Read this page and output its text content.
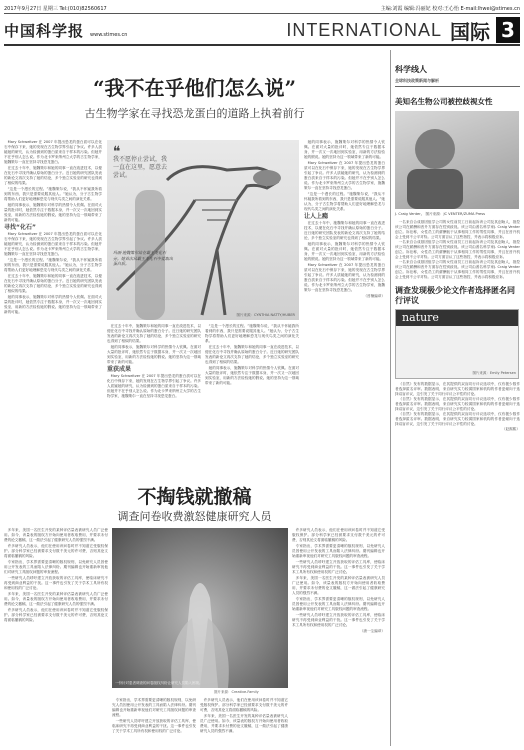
2017年9月27日 星期三 Tel:(010)82560617	主编:刘霞 编辑:冯丽妃 校对:王心怡 E-mail:lhwei@stimes.cn
中国科学报 www.stimes.cn	INTERNATIONAL 国际 3
“我不在乎他们怎么说”
古生物学家在寻找恐龙蛋白的道路上执着前行

Mary Schweitzer 在 2007 年提出恐龙的蛋白质可以在化石中保存下来，她的发现在古生物学界引起了争议。许多人质疑她的研究，认为检测到的蛋白质来自于样本的污染。但她并不在乎别人怎么说。作为北卡罗来纳州立大学的古生物学家，施魏策尔一直在坚持寻找恐龙蛋白。

在过去十年中，施魏策尔和她的同事一直在改进技术，以便在化石中寻找并确认原始的蛋白分子。近日她的研究团队发表的新论文再次支持了她的结论，多个独立实验室的研究也得到了相似的结果。

“这是一个漫长的过程。”施魏策尔说，“我从不怀疑我所看到的东西，我只是需要说服其他人。”她认为，分子古生物学将帮助人们更好地理解恐龙与现代鸟类之间的演化关系。

她的同事表示，施魏策尔对科学的热情令人钦佩。在面对大量的批评时，她依然专注于数据本身，并一次又一次地回到实验室，用新的方法检验她的假说。她的坚持为这一领域带来了新的可能。

寻找“化石”

Mary Schweitzer 在 2007 年提出恐龙的蛋白质可以在化石中保存下来，她的发现在古生物学界引起了争议。许多人质疑她的研究，认为检测到的蛋白质来自于样本的污染。但她并不在乎别人怎么说。作为北卡罗来纳州立大学的古生物学家，施魏策尔一直在坚持寻找恐龙蛋白。

“这是一个漫长的过程。”施魏策尔说，“我从不怀疑我所看到的东西，我只是需要说服其他人。”她认为，分子古生物学将帮助人们更好地理解恐龙与现代鸟类之间的演化关系。

在过去十年中，施魏策尔和她的同事一直在改进技术，以便在化石中寻找并确认原始的蛋白分子。近日她的研究团队发表的新论文再次支持了她的结论，多个独立实验室的研究也得到了相似的结果。

她的同事表示，施魏策尔对科学的热情令人钦佩。在面对大量的批评时，她依然专注于数据本身，并一次又一次地回到实验室，用新的方法检验她的假说。她的坚持为这一领域带来了新的可能。

❝
我不愿停止尝试，我一直在这里，愿意去尝试。
玛丽·施魏策尔站在霸王龙化石旁。她首次从霸王龙化石中提取出蛋白质。
图片来源：CYNTHIA NATTY/HUBER

在过去十年中，施魏策尔和她的同事一直在改进技术，以便在化石中寻找并确认原始的蛋白分子。近日她的研究团队发表的新论文再次支持了她的结论，多个独立实验室的研究也得到了相似的结果。

她的同事表示，施魏策尔对科学的热情令人钦佩。在面对大量的批评时，她依然专注于数据本身，并一次又一次地回到实验室，用新的方法检验她的假说。她的坚持为这一领域带来了新的可能。

重获成果

Mary Schweitzer 在 2007 年提出恐龙的蛋白质可以在化石中保存下来，她的发现在古生物学界引起了争议。许多人质疑她的研究，认为检测到的蛋白质来自于样本的污染。但她并不在乎别人怎么说。作为北卡罗来纳州立大学的古生物学家，施魏策尔一直在坚持寻找恐龙蛋白。

“这是一个漫长的过程。”施魏策尔说，“我从不怀疑我所看到的东西，我只是需要说服其他人。”她认为，分子古生物学将帮助人们更好地理解恐龙与现代鸟类之间的演化关系。

在过去十年中，施魏策尔和她的同事一直在改进技术，以便在化石中寻找并确认原始的蛋白分子。近日她的研究团队发表的新论文再次支持了她的结论，多个独立实验室的研究也得到了相似的结果。

她的同事表示，施魏策尔对科学的热情令人钦佩。在面对大量的批评时，她依然专注于数据本身，并一次又一次地回到实验室，用新的方法检验她的假说。她的坚持为这一领域带来了新的可能。

她的同事表示，施魏策尔对科学的热情令人钦佩。在面对大量的批评时，她依然专注于数据本身，并一次又一次地回到实验室，用新的方法检验她的假说。她的坚持为这一领域带来了新的可能。

Mary Schweitzer 在 2007 年提出恐龙的蛋白质可以在化石中保存下来，她的发现在古生物学界引起了争议。许多人质疑她的研究，认为检测到的蛋白质来自于样本的污染。但她并不在乎别人怎么说。作为北卡罗来纳州立大学的古生物学家，施魏策尔一直在坚持寻找恐龙蛋白。

“这是一个漫长的过程。”施魏策尔说，“我从不怀疑我所看到的东西，我只是需要说服其他人。”她认为，分子古生物学将帮助人们更好地理解恐龙与现代鸟类之间的演化关系。

让人上瘾

在过去十年中，施魏策尔和她的同事一直在改进技术，以便在化石中寻找并确认原始的蛋白分子。近日她的研究团队发表的新论文再次支持了她的结论，多个独立实验室的研究也得到了相似的结果。

她的同事表示，施魏策尔对科学的热情令人钦佩。在面对大量的批评时，她依然专注于数据本身，并一次又一次地回到实验室，用新的方法检验她的假说。她的坚持为这一领域带来了新的可能。

Mary Schweitzer 在 2007 年提出恐龙的蛋白质可以在化石中保存下来，她的发现在古生物学界引起了争议。许多人质疑她的研究，认为检测到的蛋白质来自于样本的污染。但她并不在乎别人怎么说。作为北卡罗来纳州立大学的古生物学家，施魏策尔一直在坚持寻找恐龙蛋白。

（晋楠编译）

不掏钱就撤稿
调查问卷收费激怒健康研究人员

多年来，美国一名医生开发的某种评估量表被研究人员广泛使用。如今，该量表的版权方开始向使用者收取费用，并要求未付费的论文撤稿，这一做法引起了健康研究人员的强烈不满。

许多研究人员表示，他们在使用该问卷时并不知道它受版权保护。部分科学家已经被要求支付数千美元的许可费，否则其论文将面临撤稿的风险。

专家指出，学术界需要更清晰的版权规则，以免研究人员因使用公开发表的工具而陷入法律纠纷。期刊编辑也开始重新审视他们对研究工具版权问题的审查流程。

一些研究人员呼吁建立开放获取的评估工具库，使临床研究不再受到商业利益的干扰。这一事件也引发了关于学术工具所有权和使用权的广泛讨论。

多年来，美国一名医生开发的某种评估量表被研究人员广泛使用。如今，该量表的版权方开始向使用者收取费用，并要求未付费的论文撤稿，这一做法引起了健康研究人员的强烈不满。

许多研究人员表示，他们在使用该问卷时并不知道它受版权保护。部分科学家已经被要求支付数千美元的许可费，否则其论文将面临撤稿的风险。

一份针对患者调查的问卷版权纠纷让研究人员陷入困境。
图片来源：Creative-Family

专家指出，学术界需要更清晰的版权规则，以免研究人员因使用公开发表的工具而陷入法律纠纷。期刊编辑也开始重新审视他们对研究工具版权问题的审查流程。

一些研究人员呼吁建立开放获取的评估工具库，使临床研究不再受到商业利益的干扰。这一事件也引发了关于学术工具所有权和使用权的广泛讨论。

许多研究人员表示，他们在使用该问卷时并不知道它受版权保护。部分科学家已经被要求支付数千美元的许可费，否则其论文将面临撤稿的风险。

多年来，美国一名医生开发的某种评估量表被研究人员广泛使用。如今，该量表的版权方开始向使用者收取费用，并要求未付费的论文撤稿，这一做法引起了健康研究人员的强烈不满。

许多研究人员表示，他们在使用该问卷时并不知道它受版权保护。部分科学家已经被要求支付数千美元的许可费，否则其论文将面临撤稿的风险。

专家指出，学术界需要更清晰的版权规则，以免研究人员因使用公开发表的工具而陷入法律纠纷。期刊编辑也开始重新审视他们对研究工具版权问题的审查流程。

一些研究人员呼吁建立开放获取的评估工具库，使临床研究不再受到商业利益的干扰。这一事件也引发了关于学术工具所有权和使用权的广泛讨论。

多年来，美国一名医生开发的某种评估量表被研究人员广泛使用。如今，该量表的版权方开始向使用者收取费用，并要求未付费的论文撤稿，这一做法引起了健康研究人员的强烈不满。

专家指出，学术界需要更清晰的版权规则，以免研究人员因使用公开发表的工具而陷入法律纠纷。期刊编辑也开始重新审视他们对研究工具版权问题的审查流程。

一些研究人员呼吁建立开放获取的评估工具库，使临床研究不再受到商业利益的干扰。这一事件也引发了关于学术工具所有权和使用权的广泛讨论。

（唐一尘编译）

科学线人
全球科技政策新闻与解析
美知名生物公司被控歧视女性
J. Craig Venter。 图片来源：JC VENTER/ZUMA Press

一名来自合成基因组学公司的女性前员工日前起诉该公司及其创始人，指控该公司在薪酬和晋升方面存在性别歧视。该公司由著名科学家J. Craig Venter创立。诉讼称，女性员工的薪酬低于从事相同工作的男性同事，并且在晋升机会上受到不公平对待。公司方面否认了这些指控，并表示将积极应诉。

一名来自合成基因组学公司的女性前员工日前起诉该公司及其创始人，指控该公司在薪酬和晋升方面存在性别歧视。该公司由著名科学家J. Craig Venter创立。诉讼称，女性员工的薪酬低于从事相同工作的男性同事，并且在晋升机会上受到不公平对待。公司方面否认了这些指控，并表示将积极应诉。

一名来自合成基因组学公司的女性前员工日前起诉该公司及其创始人，指控该公司在薪酬和晋升方面存在性别歧视。该公司由著名科学家J. Craig Venter创立。诉讼称，女性员工的薪酬低于从事相同工作的男性同事，并且在晋升机会上受到不公平对待。公司方面否认了这些指控，并表示将积极应诉。

调查发现极少论文作者选择匿名同行评议
nature
图片来源：Emily Petersen

《自然》发布的数据显示，在其提供的双盲同行评议选项中，仅有极少数作者选择匿名评审。数据表明，来自研究实力较弱国家和机构的作者更倾向于选择双盲评议，这引发了关于同行评议公平性的讨论。

《自然》发布的数据显示，在其提供的双盲同行评议选项中，仅有极少数作者选择匿名评审。数据表明，来自研究实力较弱国家和机构的作者更倾向于选择双盲评议，这引发了关于同行评议公平性的讨论。

《自然》发布的数据显示，在其提供的双盲同行评议选项中，仅有极少数作者选择匿名评审。数据表明，来自研究实力较弱国家和机构的作者更倾向于选择双盲评议，这引发了关于同行评议公平性的讨论。

（赵熙熙）
